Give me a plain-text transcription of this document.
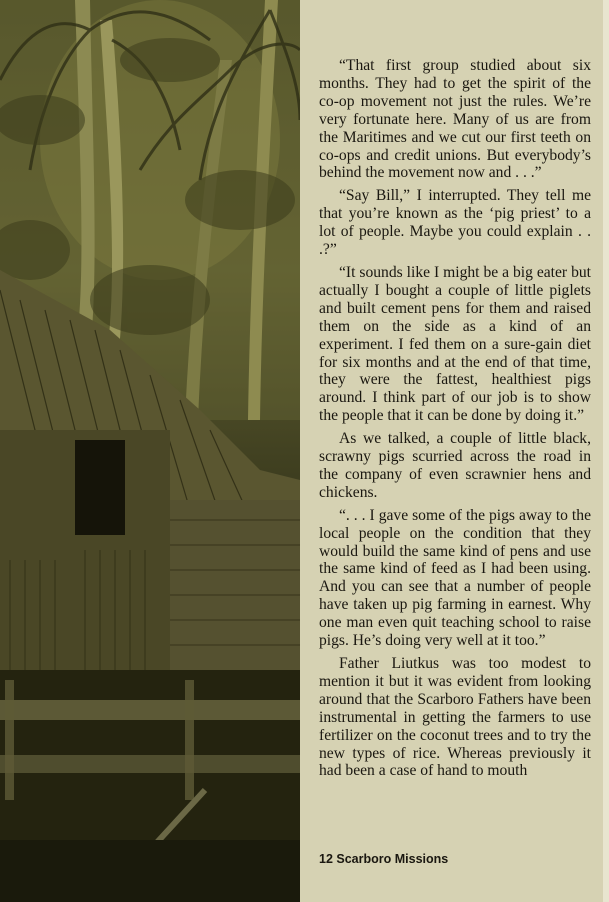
“That first group studied about six months. They had to get the spirit of the co-op movement not just the rules. We’re very fortunate here. Many of us are from the Maritimes and we cut our first teeth on co-ops and credit unions. But everybody’s behind the movement now and . . .”

“Say Bill,” I interrupted. They tell me that you’re known as the ‘pig priest’ to a lot of people. Maybe you could explain . . .?”

“It sounds like I might be a big eater but actually I bought a couple of little piglets and built cement pens for them and raised them on the side as a kind of an experiment. I fed them on a sure-gain diet for six months and at the end of that time, they were the fattest, healthiest pigs around. I think part of our job is to show the people that it can be done by doing it.”

As we talked, a couple of little black, scrawny pigs scurried across the road in the company of even scrawnier hens and chickens.

“. . . I gave some of the pigs away to the local people on the condition that they would build the same kind of pens and use the same kind of feed as I had been using. And you can see that a number of people have taken up pig farming in earnest. Why one man even quit teaching school to raise pigs. He’s doing very well at it too.”

Father Liutkus was too modest to mention it but it was evident from looking around that the Scarboro Fathers have been instrumental in getting the farmers to use fertilizer on the coconut trees and to try the new types of rice. Whereas previously it had been a case of hand to mouth

12 Scarboro Missions
